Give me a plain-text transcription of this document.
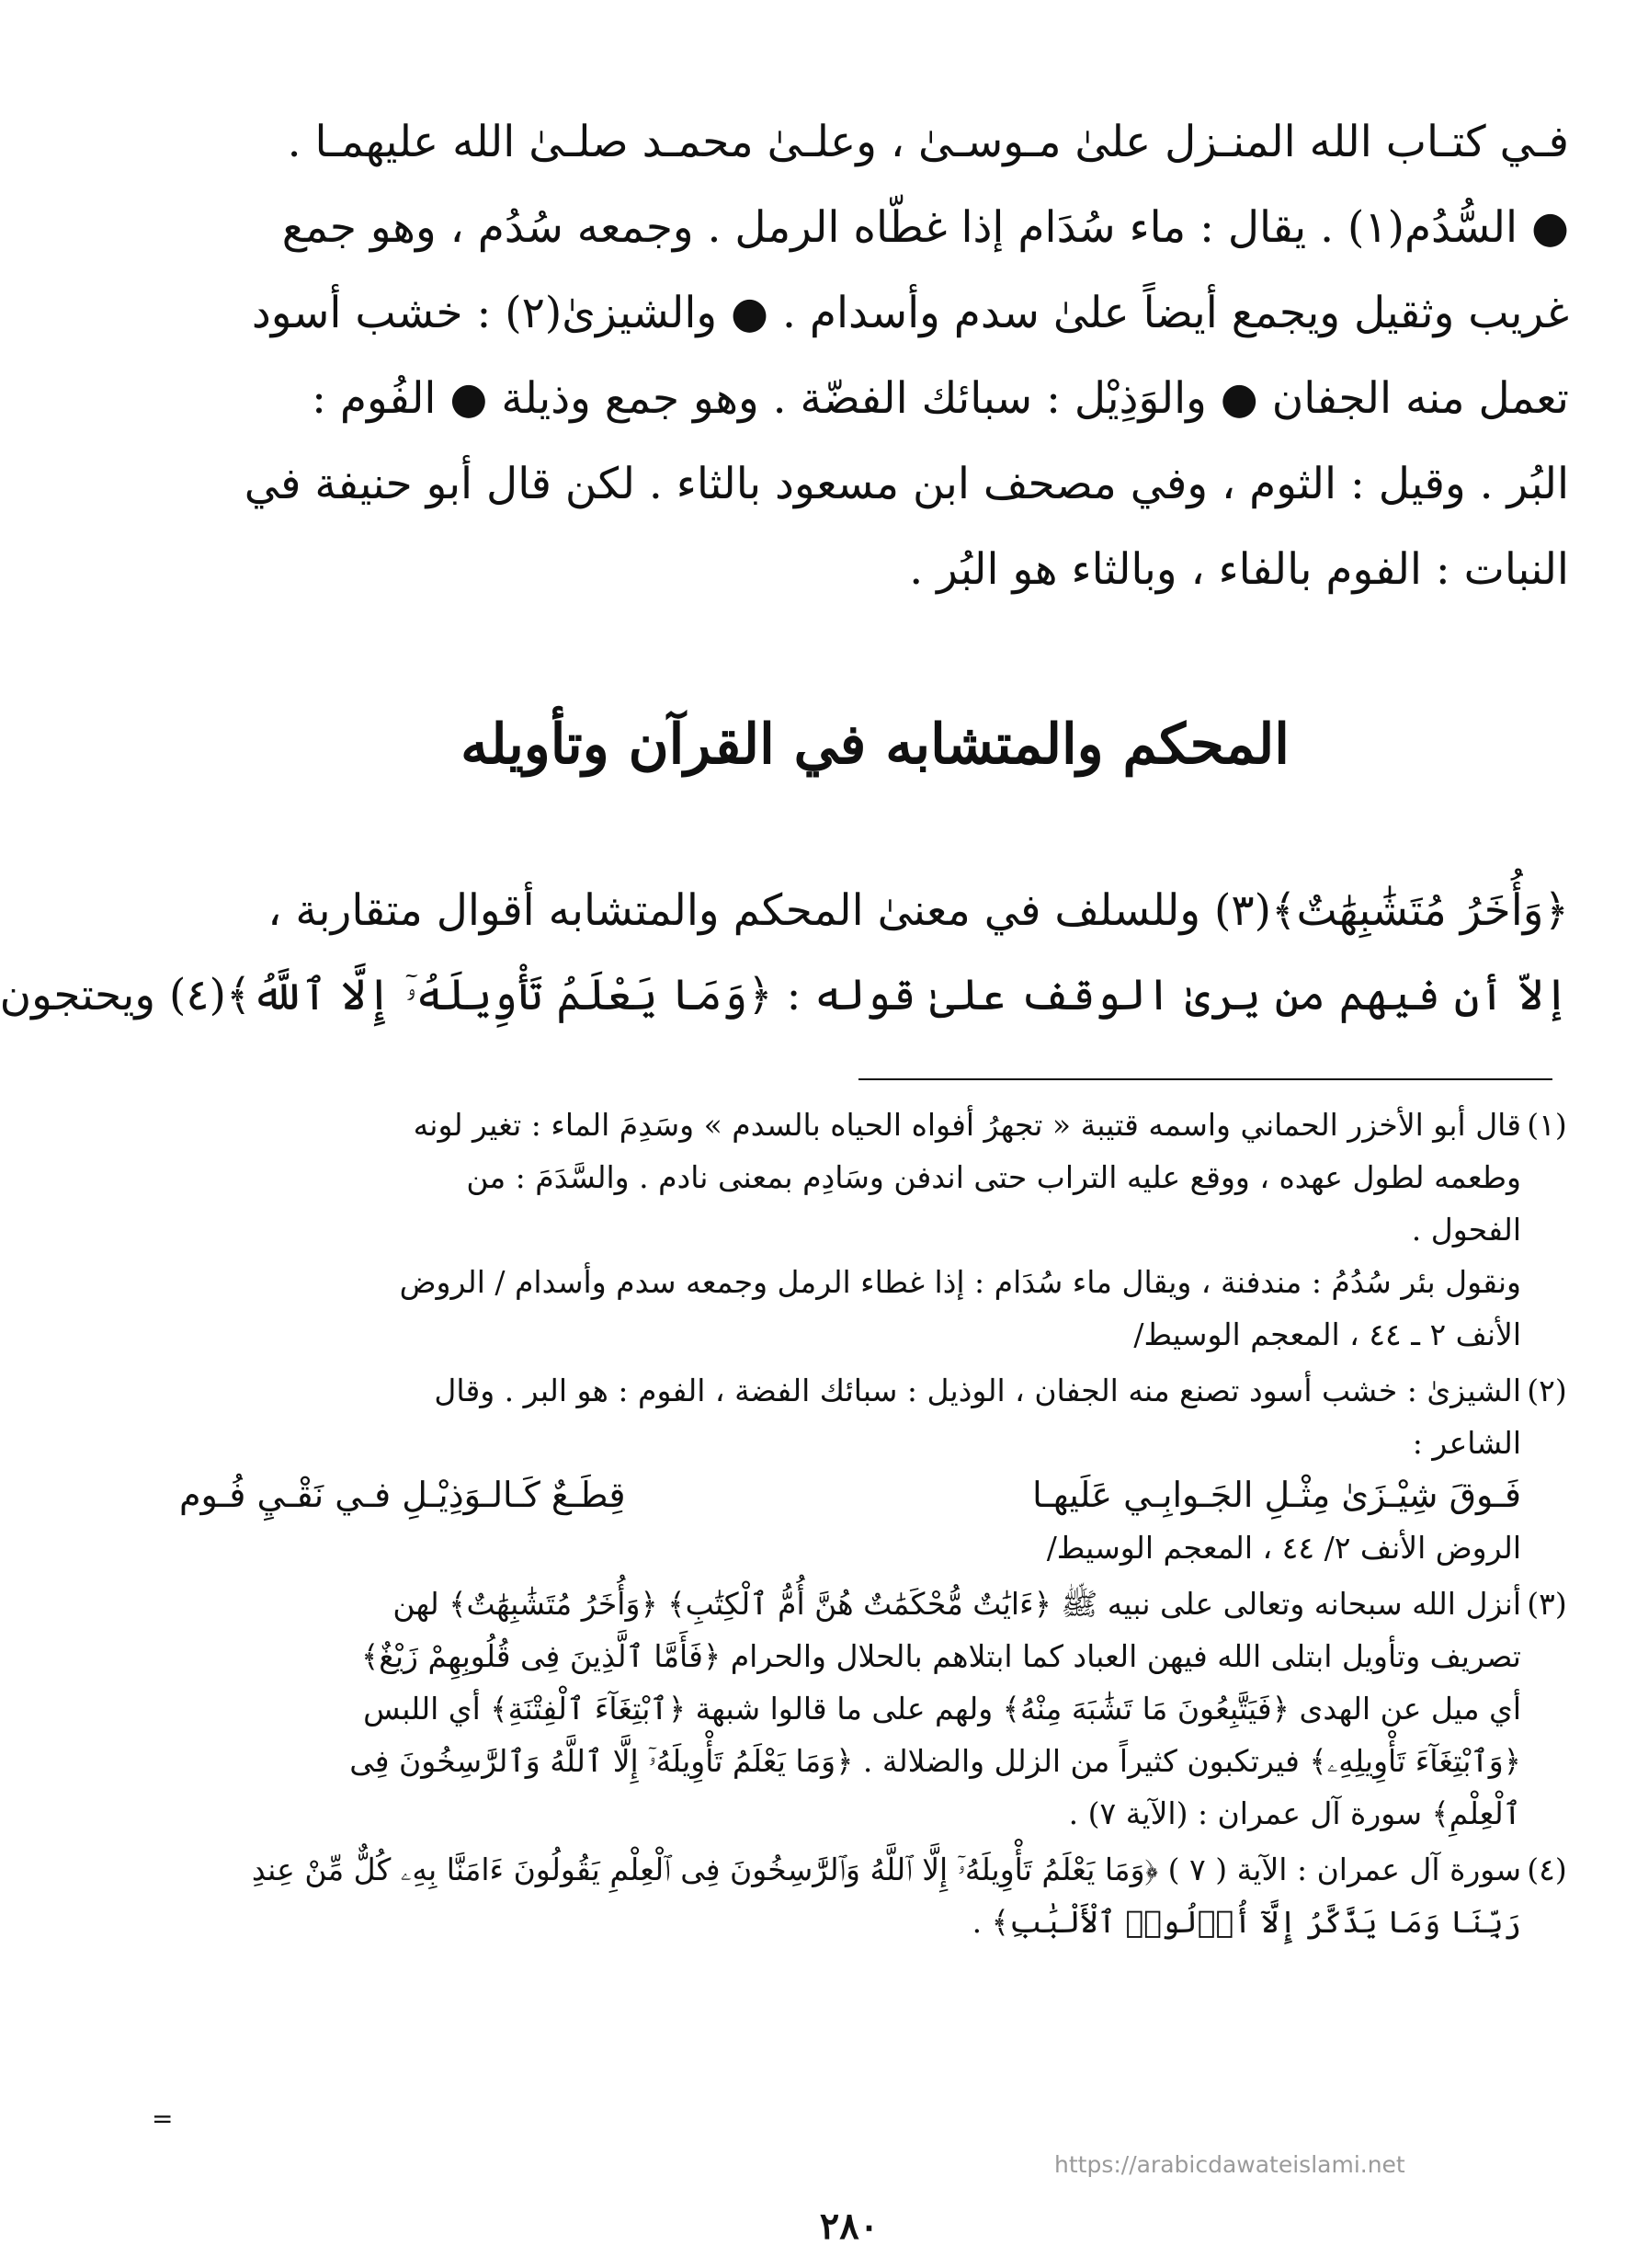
فـي كتـاب الله المنـزل علىٰ مـوسـىٰ ، وعلـىٰ محمـد صلـىٰ الله عليهمـا .
● السُّدُم(١) . يقال : ماء سُدَام إذا غطّاه الرمل . وجمعه سُدُم ، وهو جمع
غريب وثقيل ويجمع أيضاً علىٰ سدم وأسدام . ● والشيزىٰ(٢) : خشب أسود
تعمل منه الجفان ● والوَذِيْل : سبائك الفضّة . وهو جمع وذيلة ● الفُوم :
البُر . وقيل : الثوم ، وفي مصحف ابن مسعود بالثاء . لكن قال أبو حنيفة في
النبات : الفوم بالفاء ، وبالثاء هو البُر .
المحكم والمتشابه في القرآن وتأويله
﴿وَأُخَرُ مُتَشَٰبِهَٰتٌ﴾(٣) وللسلف في معنىٰ المحكم والمتشابه أقوال متقاربة ،
إلاّ أن فيهم من يرىٰ الوقف علىٰ قوله : ﴿وَمَا يَعْلَمُ تَأْوِيلَهُۥٓ إِلَّا ٱللَّهُ﴾(٤) ويحتجون
(١)
قال أبو الأخزر الحماني واسمه قتيبة « تجهرُ أفواه الحياه بالسدم » وسَدِمَ الماء : تغير لونه
وطعمه لطول عهده ، ووقع عليه التراب حتى اندفن وسَادِم بمعنى نادم . والسَّدَمَ : من
الفحول .
ونقول بئر سُدُمُ : مندفنة ، ويقال ماء سُدَام : إذا غطاء الرمل وجمعه سدم وأسدام / الروض
الأنف ٢ ـ ٤٤ ، المعجم الوسيط/
(٢)
الشيزىٰ : خشب أسود تصنع منه الجفان ، الوذيل : سبائك الفضة ، الفوم : هو البر . وقال
الشاعر :
فَـوقَ شِيْـزَىٰ مِثْـلِ الجَـوابِـي عَلَيهـا
قِطَـعٌ كَـالـوَذِيْـلِ فـي نَقْـيِ فُـوم
الروض الأنف ٢/ ٤٤ ، المعجم الوسيط/
(٣)
أنزل الله سبحانه وتعالى على نبيه ﷺ ﴿ءَايَٰتٌ مُّحْكَمَٰتٌ هُنَّ أُمُّ ٱلْكِتَٰبِ﴾ ﴿وَأُخَرُ مُتَشَٰبِهَٰتٌ﴾ لهن
تصريف وتأويل ابتلى الله فيهن العباد كما ابتلاهم بالحلال والحرام ﴿فَأَمَّا ٱلَّذِينَ فِى قُلُوبِهِمْ زَيْغٌ﴾
أي ميل عن الهدى ﴿فَيَتَّبِعُونَ مَا تَشَٰبَهَ مِنْهُ﴾ ولهم على ما قالوا شبهة ﴿ٱبْتِغَآءَ ٱلْفِتْنَةِ﴾ أي اللبس
﴿وَٱبْتِغَآءَ تَأْوِيلِهِۦ﴾ فيرتكبون كثيراً من الزلل والضلالة . ﴿وَمَا يَعْلَمُ تَأْوِيلَهُۥٓ إِلَّا ٱللَّهُ وَٱلرَّٰسِخُونَ فِى
ٱلْعِلْمِ﴾ سورة آل عمران : (الآية ٧) .
(٤)
سورة آل عمران : الآية ( ٧ ) ﴿وَمَا يَعْلَمُ تَأْوِيلَهُۥٓ إِلَّا ٱللَّهُ وَٱلرَّٰسِخُونَ فِى ٱلْعِلْمِ يَقُولُونَ ءَامَنَّا بِهِۦ كُلٌّ مِّنْ عِندِ
رَبِّنَا وَمَا يَذَّكَّرُ إِلَّآ أُو۟لُوا۟ ٱلْأَلْبَٰبِ﴾ .
=
https://arabicdawateislami.net
٢٨٠
